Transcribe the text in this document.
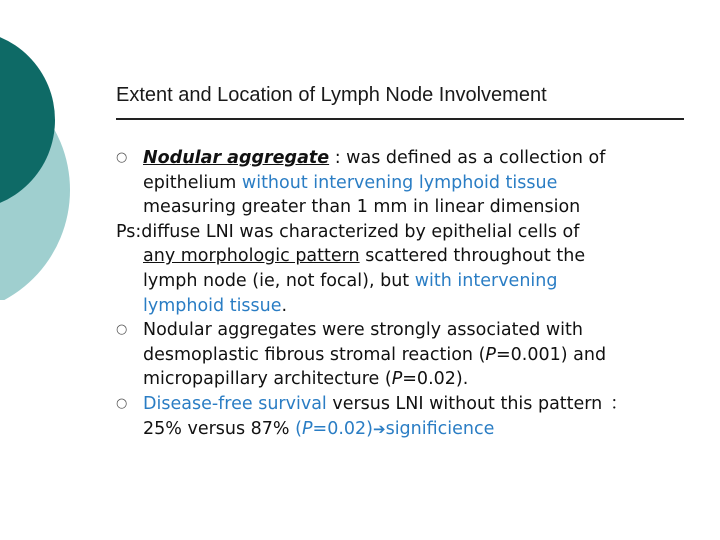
Extent and Location of Lymph Node Involvement
○ Nodular aggregate : was defined as a collection of
epithelium without intervening lymphoid tissue
measuring greater than 1 mm in linear dimension
Ps:diffuse LNI was characterized by epithelial cells of
any morphologic pattern scattered throughout the
lymph node (ie, not focal), but with intervening
lymphoid tissue.
○ Nodular aggregates were strongly associated with
desmoplastic fibrous stromal reaction (P=0.001) and
micropapillary architecture (P=0.02).
○ Disease-free survival versus LNI without this pattern ：
25% versus 87% (P=0.02)➔significience
